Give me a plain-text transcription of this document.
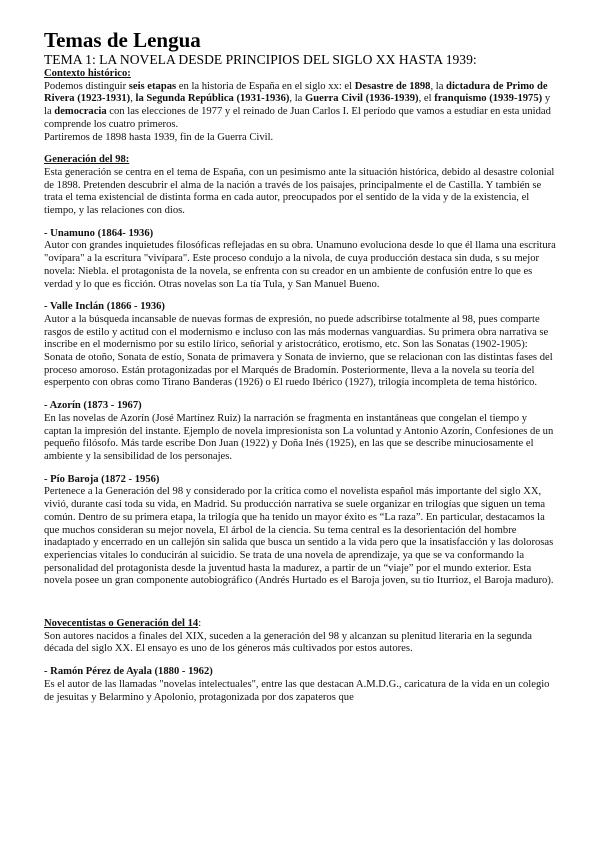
Temas de Lengua
TEMA 1: LA NOVELA DESDE PRINCIPIOS DEL SIGLO XX HASTA 1939:
Contexto histórico:

Podemos distinguir seis etapas en la historia de España en el siglo xx: el Desastre de 1898, la dictadura de Primo de Rivera (1923-1931), la Segunda República (1931-1936), la Guerra Civil (1936-1939), el franquismo (1939-1975) y la democracia con las elecciones de 1977 y el reinado de Juan Carlos I. El período que vamos a estudiar en esta unidad comprende los cuatro primeros.

Partiremos de 1898 hasta 1939, fin de la Guerra Civil.

Generación del 98:

Esta generación se centra en el tema de España, con un pesimismo ante la situación histórica, debido al desastre colonial de 1898. Pretenden descubrir el alma de la nación a través de los paisajes, principalmente el de Castilla. Y también se trata el tema existencial de distinta forma en cada autor, preocupados por el sentido de la vida y de la existencia, el tiempo, y las relaciones con dios.

- Unamuno (1864- 1936)

Autor con grandes inquietudes filosóficas reflejadas en su obra. Unamuno evoluciona desde lo que él llama una escritura "ovípara" a la escritura "vivípara". Este proceso condujo a la nivola, de cuya producción destaca sin duda, s su mejor novela: Niebla. el protagonista de la novela, se enfrenta con su creador en un ambiente de confusión entre lo que es verdad y lo que es ficción. Otras novelas son La tía Tula, y San Manuel Bueno.

- Valle Inclán (1866 - 1936)

Autor a la búsqueda incansable de nuevas formas de expresión, no puede adscribirse totalmente al 98, pues comparte rasgos de estilo y actitud con el modernismo e incluso con las más modernas vanguardias. Su primera obra narrativa se inscribe en el modernismo por su estilo lírico, señorial y aristocrático, erotismo, etc. Son las Sonatas (1902-1905): Sonata de otoño, Sonata de estío, Sonata de primavera y Sonata de invierno, que se relacionan con las distintas fases del proceso amoroso. Están protagonizadas por el Marqués de Bradomín. Posteriormente, lleva a la novela su teoría del esperpento con obras como Tirano Banderas (1926) o El ruedo Ibérico (1927), trilogía incompleta de tema histórico.

- Azorín (1873 - 1967)

En las novelas de Azorín (José Martínez Ruiz) la narración se fragmenta en instantáneas que congelan el tiempo y captan la impresión del instante. Ejemplo de novela impresionista son La voluntad y Antonio Azorín, Confesiones de un pequeño filósofo. Más tarde escribe Don Juan (1922) y Doña Inés (1925), en las que se describe minuciosamente el ambiente y la sensibilidad de los personajes.

- Pío Baroja (1872 - 1956)

Pertenece a la Generación del 98 y considerado por la crítica como el novelista español más importante del siglo XX, vivió, durante casi toda su vida, en Madrid. Su producción narrativa se suele organizar en trilogías que siguen un tema común. Dentro de su primera etapa, la trilogía que ha tenido un mayor éxito es “La raza”. En particular, destacamos la que muchos consideran su mejor novela, El árbol de la ciencia. Su tema central es la desorientación del hombre inadaptado y encerrado en un callejón sin salida que busca un sentido a la vida pero que la insatisfacción y las dolorosas experiencias vitales lo conducirán al suicidio. Se trata de una novela de aprendizaje, ya que se va conformando la personalidad del protagonista desde la juventud hasta la madurez, a partir de un “viaje” por el mundo exterior. Esta novela posee un gran componente autobiográfico (Andrés Hurtado es el Baroja joven, su tío Iturrioz, el Baroja maduro).

Novecentistas o Generación del 14:

Son autores nacidos a finales del XIX, suceden a la generación del 98 y alcanzan su plenitud literaria en la segunda década del siglo XX. El ensayo es uno de los géneros más cultivados por estos autores.

- Ramón Pérez de Ayala (1880 - 1962)

Es el autor de las llamadas "novelas intelectuales", entre las que destacan A.M.D.G., caricatura de la vida en un colegio de jesuitas y Belarmino y Apolonio, protagonizada por dos zapateros que
